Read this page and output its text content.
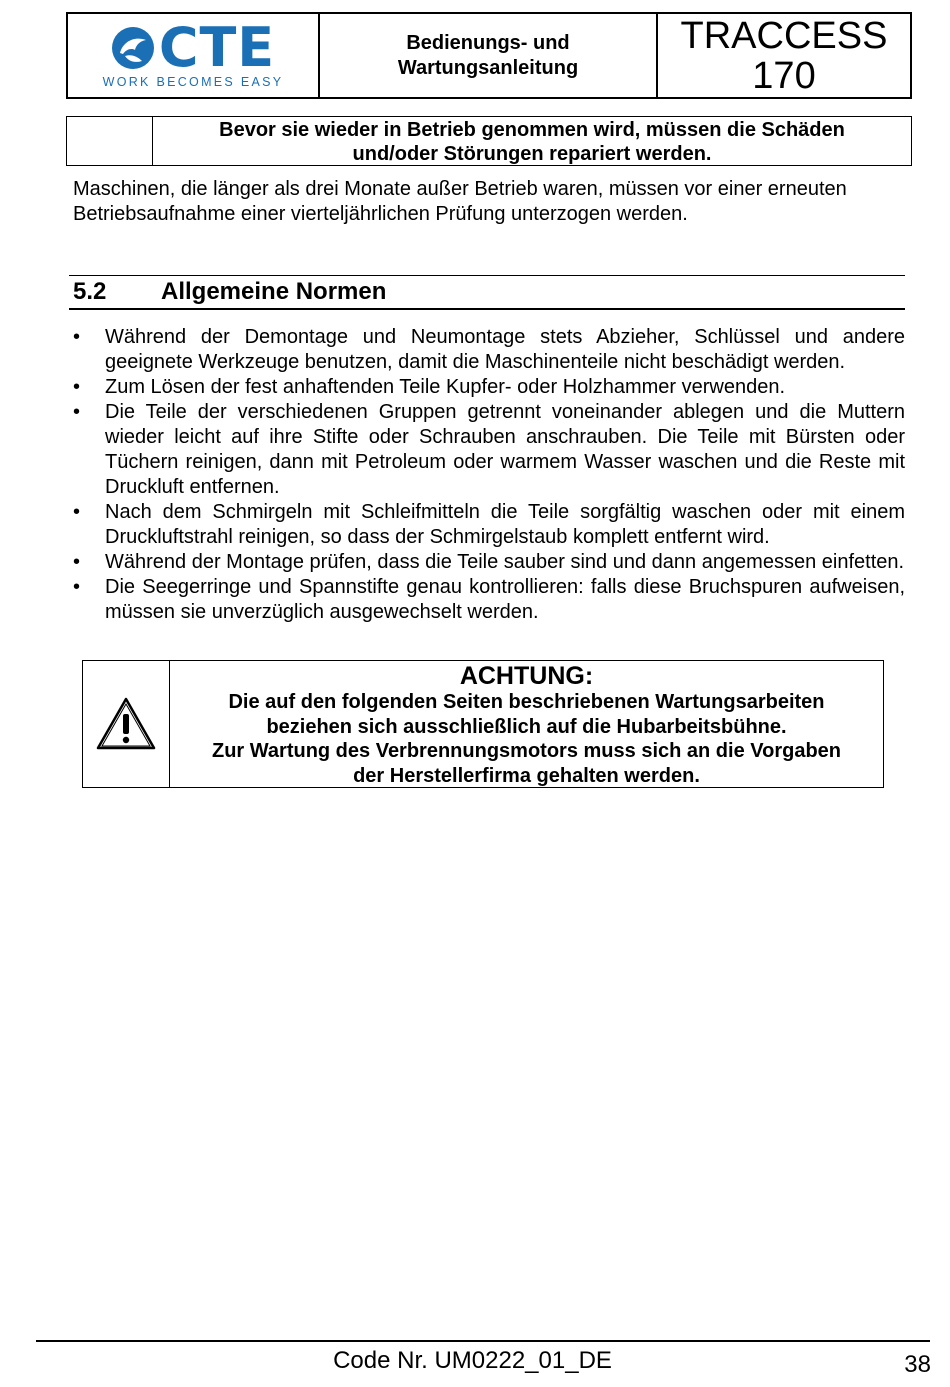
CTE
WORK BECOMES EASY
Bedienungs- und
Wartungsanleitung
TRACCESS
170
Bevor sie wieder in Betrieb genommen wird, müssen die Schäden
und/oder Störungen repariert werden.

Maschinen, die länger als drei Monate außer Betrieb waren, müssen vor einer erneuten Betriebsaufnahme einer vierteljährlichen Prüfung unterzogen werden.

5.2	Allgemeine Normen
• Während der Demontage und Neumontage stets Abzieher, Schlüssel und andere geeignete Werkzeuge benutzen, damit die Maschinenteile nicht beschädigt werden.
• Zum Lösen der fest anhaftenden Teile Kupfer- oder Holzhammer verwenden.
• Die Teile der verschiedenen Gruppen getrennt voneinander ablegen und die Muttern wieder leicht auf ihre Stifte oder Schrauben anschrauben. Die Teile mit Bürsten oder Tüchern reinigen, dann mit Petroleum oder warmem Wasser waschen und die Reste mit Druckluft entfernen.
• Nach dem Schmirgeln mit Schleifmitteln die Teile sorgfältig waschen oder mit einem Druckluftstrahl reinigen, so dass der Schmirgelstaub komplett entfernt wird.
• Während der Montage prüfen, dass die Teile sauber sind und dann angemessen einfetten.
• Die Seegerringe und Spannstifte genau kontrollieren: falls diese Bruchspuren aufweisen, müssen sie unverzüglich ausgewechselt werden.
ACHTUNG:
Die auf den folgenden Seiten beschriebenen Wartungsarbeiten
beziehen sich ausschließlich auf die Hubarbeitsbühne.
Zur Wartung des Verbrennungsmotors muss sich an die Vorgaben
der Herstellerfirma gehalten werden.
Code Nr. UM0222_01_DE	38
